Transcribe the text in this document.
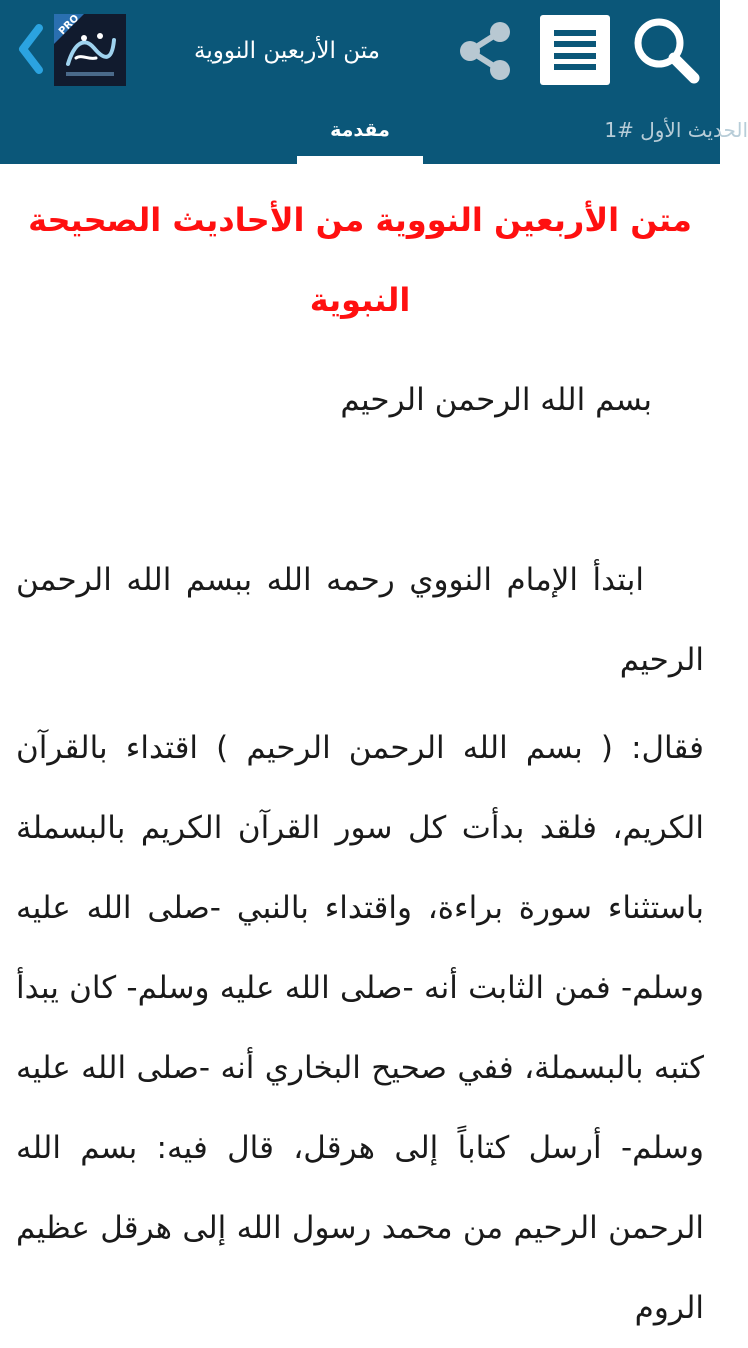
PRO
متن الأربعين النووية
مقدمة	الحديث الأول #1
متن الأربعين النووية من الأحاديث الصحيحة النبوية

بسم الله الرحمن الرحيم

ابتدأ الإمام النووي رحمه الله ببسم الله الرحمن الرحيم

فقال: ( بسم الله الرحمن الرحيم ) اقتداء بالقرآن الكريم، فلقد بدأت كل سور القرآن الكريم بالبسملة باستثناء سورة براءة، واقتداء بالنبي -صلى الله عليه وسلم- فمن الثابت أنه -صلى الله عليه وسلم- كان يبدأ كتبه بالبسملة، ففي صحيح البخاري أنه -صلى الله عليه وسلم- أرسل كتاباً إلى هرقل، قال فيه: بسم الله الرحمن الرحيم من محمد رسول الله إلى هرقل عظيم الروم
